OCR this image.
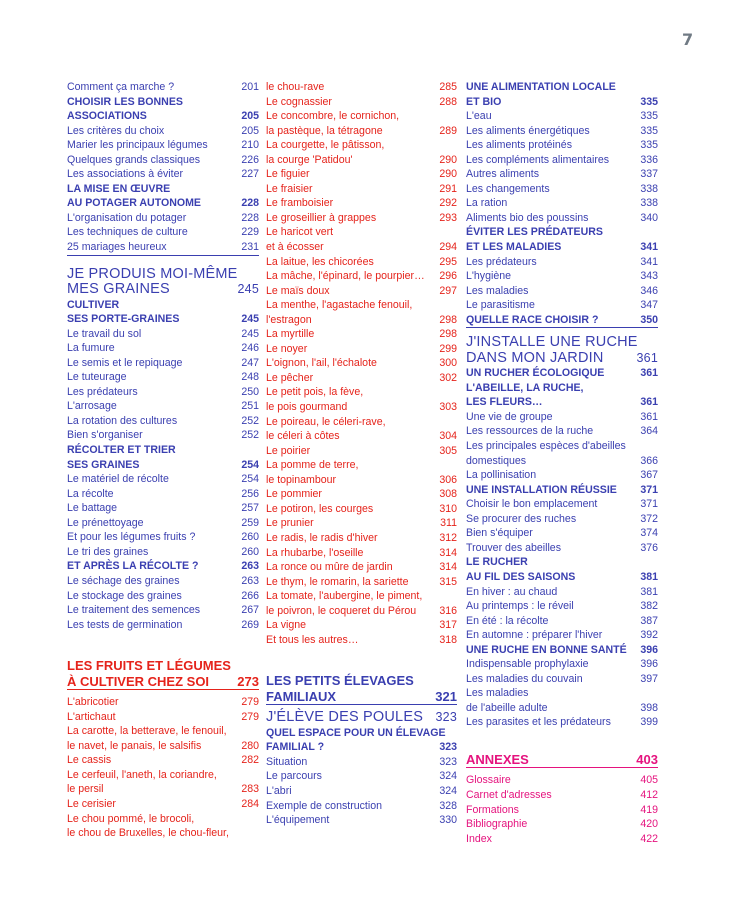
7
Comment ça marche ?	201
CHOISIR LES BONNES
ASSOCIATIONS	205
Les critères du choix	205
Marier les principaux légumes	210
Quelques grands classiques	226
Les associations à éviter	227
LA MISE EN ŒUVRE
AU POTAGER AUTONOME	228
L'organisation du potager	228
Les techniques de culture	229
25 mariages heureux	231
JE PRODUIS MOI-MÊME
MES GRAINES	245
CULTIVER
SES PORTE-GRAINES	245
Le travail du sol	245
La fumure	246
Le semis et le repiquage	247
Le tuteurage	248
Les prédateurs	250
L'arrosage	251
La rotation des cultures	252
Bien s'organiser	252
RÉCOLTER ET TRIER
SES GRAINES	254
Le matériel de récolte	254
La récolte	256
Le battage	257
Le prénettoyage	259
Et pour les légumes fruits ?	260
Le tri des graines	260
ET APRÈS LA RÉCOLTE ?	263
Le séchage des graines	263
Le stockage des graines	266
Le traitement des semences	267
Les tests de germination	269
LES FRUITS ET LÉGUMES
À CULTIVER CHEZ SOI	273
L'abricotier	279
L'artichaut	279
La carotte, la betterave, le fenouil,
le navet, le panais, le salsifis	280
Le cassis	282
Le cerfeuil, l'aneth, la coriandre,
le persil	283
Le cerisier	284
Le chou pommé, le brocoli,
le chou de Bruxelles, le chou-fleur,
le chou-rave	285
Le cognassier	288
Le concombre, le cornichon,
la pastèque, la tétragone	289
La courgette, le pâtisson,
la courge 'Patidou'	290
Le figuier	290
Le fraisier	291
Le framboisier	292
Le groseillier à grappes	293
Le haricot vert
et à écosser	294
La laitue, les chicorées	295
La mâche, l'épinard, le pourpier…	296
Le maïs doux	297
La menthe, l'agastache fenouil,
l'estragon	298
La myrtille	298
Le noyer	299
L'oignon, l'ail, l'échalote	300
Le pêcher	302
Le petit pois, la fève,
le pois gourmand	303
Le poireau, le céleri-rave,
le céleri à côtes	304
Le poirier	305
La pomme de terre,
le topinambour	306
Le pommier	308
Le potiron, les courges	310
Le prunier	311
Le radis, le radis d'hiver	312
La rhubarbe, l'oseille	314
La ronce ou mûre de jardin	314
Le thym, le romarin, la sariette	315
La tomate, l'aubergine, le piment,
le poivron, le coqueret du Pérou	316
La vigne	317
Et tous les autres…	318
LES PETITS ÉLEVAGES
FAMILIAUX	321
J'ÉLÈVE DES POULES 323
QUEL ESPACE POUR UN ÉLEVAGE
FAMILIAL ?	323
Situation	323
Le parcours	324
L'abri	324
Exemple de construction	328
L'équipement	330
UNE ALIMENTATION LOCALE
ET BIO	335
L'eau	335
Les aliments énergétiques	335
Les aliments protéinés	335
Les compléments alimentaires	336
Autres aliments	337
Les changements	338
La ration	338
Aliments bio des poussins	340
ÉVITER LES PRÉDATEURS
ET LES MALADIES	341
Les prédateurs	341
L'hygiène	343
Les maladies	346
Le parasitisme	347
QUELLE RACE CHOISIR ?	350
J'INSTALLE UNE RUCHE
DANS MON JARDIN	361
UN RUCHER ÉCOLOGIQUE	361
L'ABEILLE, LA RUCHE,
LES FLEURS…	361
Une vie de groupe	361
Les ressources de la ruche	364
Les principales espèces d'abeilles
domestiques	366
La pollinisation	367
UNE INSTALLATION RÉUSSIE	371
Choisir le bon emplacement	371
Se procurer des ruches	372
Bien s'équiper	374
Trouver des abeilles	376
LE RUCHER
AU FIL DES SAISONS	381
En hiver : au chaud	381
Au printemps : le réveil	382
En été : la récolte	387
En automne : préparer l'hiver	392
UNE RUCHE EN BONNE SANTÉ	396
Indispensable prophylaxie	396
Les maladies du couvain	397
Les maladies
de l'abeille adulte	398
Les parasites et les prédateurs	399
ANNEXES	403
Glossaire	405
Carnet d'adresses	412
Formations	419
Bibliographie	420
Index	422
